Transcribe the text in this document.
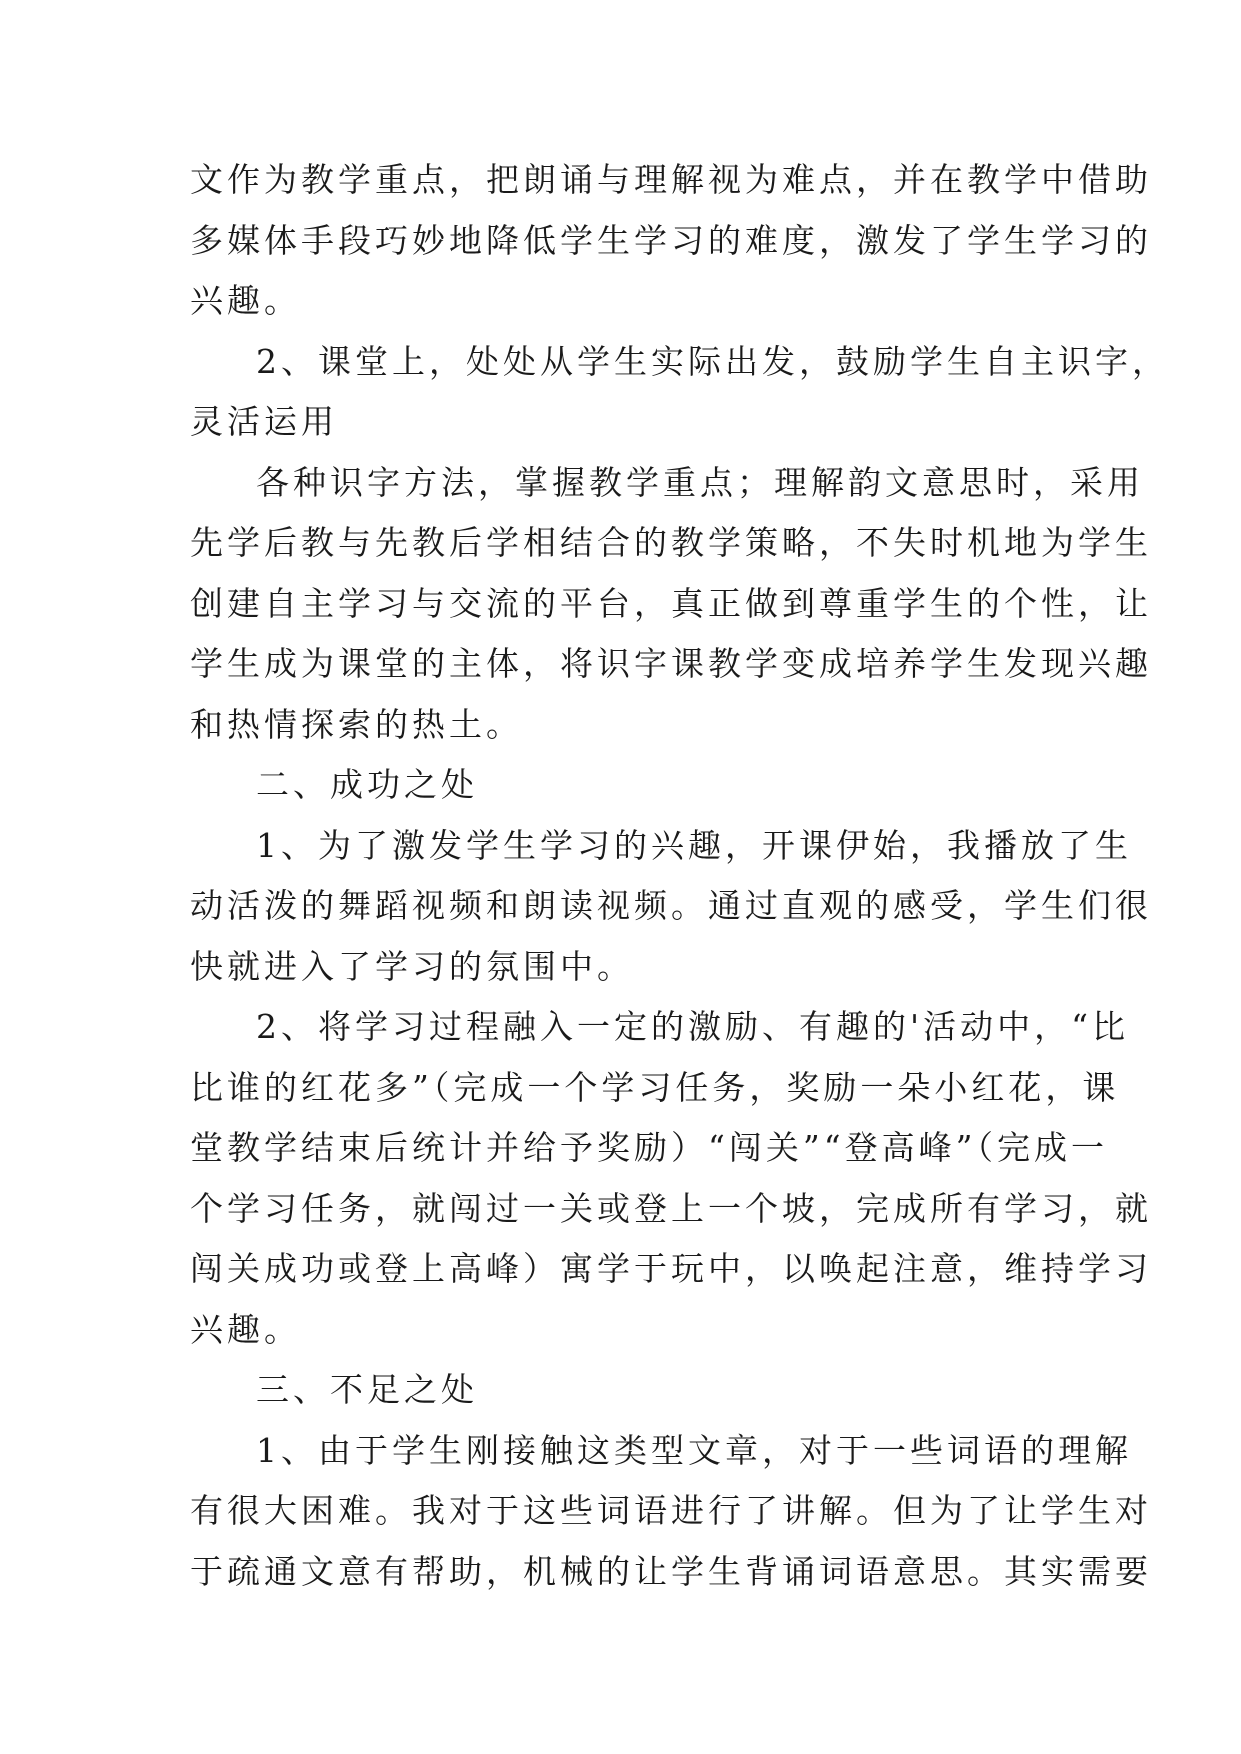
文作为教学重点，把朗诵与理解视为难点，并在教学中借助
多媒体手段巧妙地降低学生学习的难度，激发了学生学习的
兴趣。

2、课堂上，处处从学生实际出发，鼓励学生自主识字，
灵活运用

各种识字方法，掌握教学重点；理解韵文意思时，采用
先学后教与先教后学相结合的教学策略，不失时机地为学生
创建自主学习与交流的平台，真正做到尊重学生的个性，让
学生成为课堂的主体，将识字课教学变成培养学生发现兴趣
和热情探索的热土。

二、成功之处

1、为了激发学生学习的兴趣，开课伊始，我播放了生
动活泼的舞蹈视频和朗读视频。通过直观的感受，学生们很
快就进入了学习的氛围中。

2、将学习过程融入一定的激励、有趣的'活动中，“比
比谁的红花多”（完成一个学习任务，奖励一朵小红花，课
堂教学结束后统计并给予奖励）“闯关”“登高峰”（完成一
个学习任务，就闯过一关或登上一个坡，完成所有学习，就
闯关成功或登上高峰）寓学于玩中，以唤起注意，维持学习
兴趣。

三、不足之处

1、由于学生刚接触这类型文章，对于一些词语的理解
有很大困难。我对于这些词语进行了讲解。但为了让学生对
于疏通文意有帮助，机械的让学生背诵词语意思。其实需要
